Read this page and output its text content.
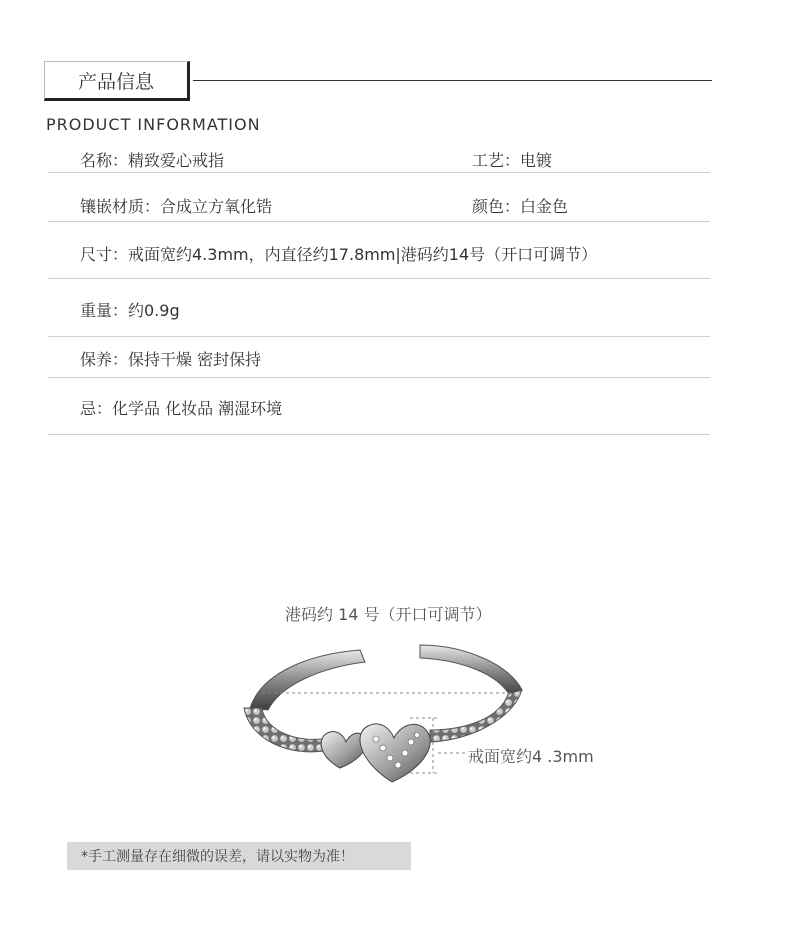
产品信息
PRODUCT INFORMATION
名称：精致爱心戒指	工艺：电镀
镶嵌材质：合成立方氧化锆	颜色：白金色
尺寸：戒面宽约4.3mm，内直径约17.8mm|港码约14号（开口可调节）
重量：约0.9g
保养：保持干燥 密封保持
忌：化学品 化妆品 潮湿环境
港码约 14 号（开口可调节）
戒面宽约4 .3mm
*手工测量存在细微的误差，请以实物为准！
